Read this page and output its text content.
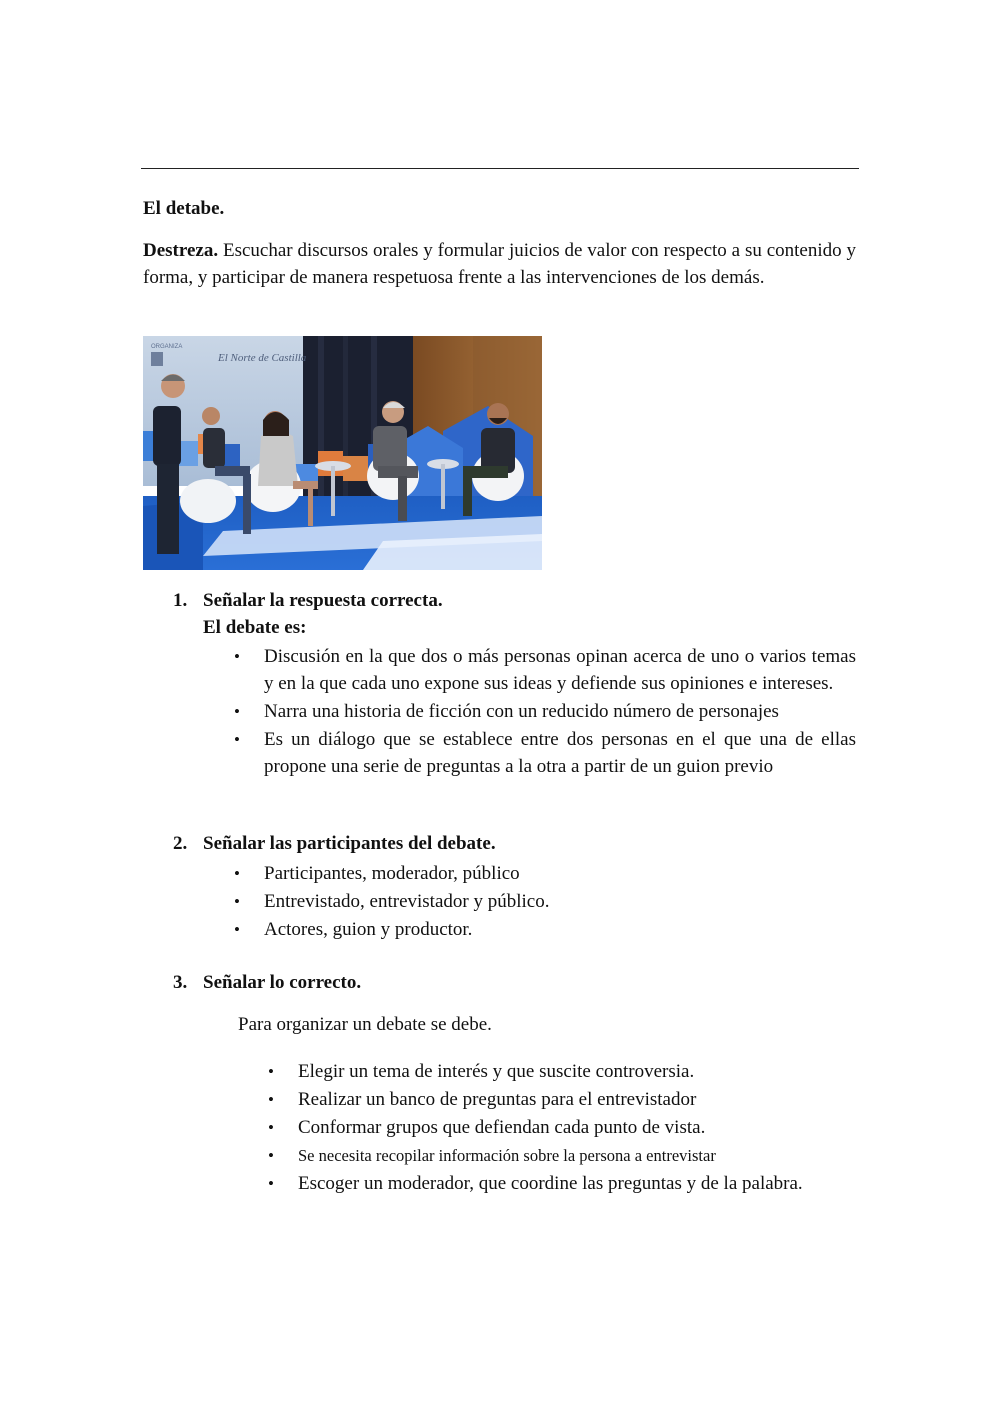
El detabe.
Destreza. Escuchar discursos orales y formular juicios de valor con respecto a su contenido y forma, y participar de manera respetuosa frente a las intervenciones de los demás.
ORGANIZA
El Norte de Castilla
1. Señalar la respuesta correcta.
El debate es:
• Discusión en la que dos o más personas opinan acerca de uno o varios temas y en la que cada uno expone sus ideas y defiende sus opiniones e intereses.
• Narra una historia de ficción con un reducido número de personajes
• Es un diálogo que se establece entre dos personas en el que una de ellas propone una serie de preguntas a la otra a partir de un guion previo
2. Señalar las participantes del debate.
• Participantes, moderador, público
• Entrevistado, entrevistador y público.
• Actores, guion y productor.
3. Señalar lo correcto.
Para organizar un debate se debe.
• Elegir un tema de interés y que suscite controversia.
• Realizar un banco de preguntas para el entrevistador
• Conformar grupos que defiendan cada punto de vista.
• Se necesita recopilar información sobre la persona a entrevistar
• Escoger un moderador, que coordine las preguntas y de la palabra.
